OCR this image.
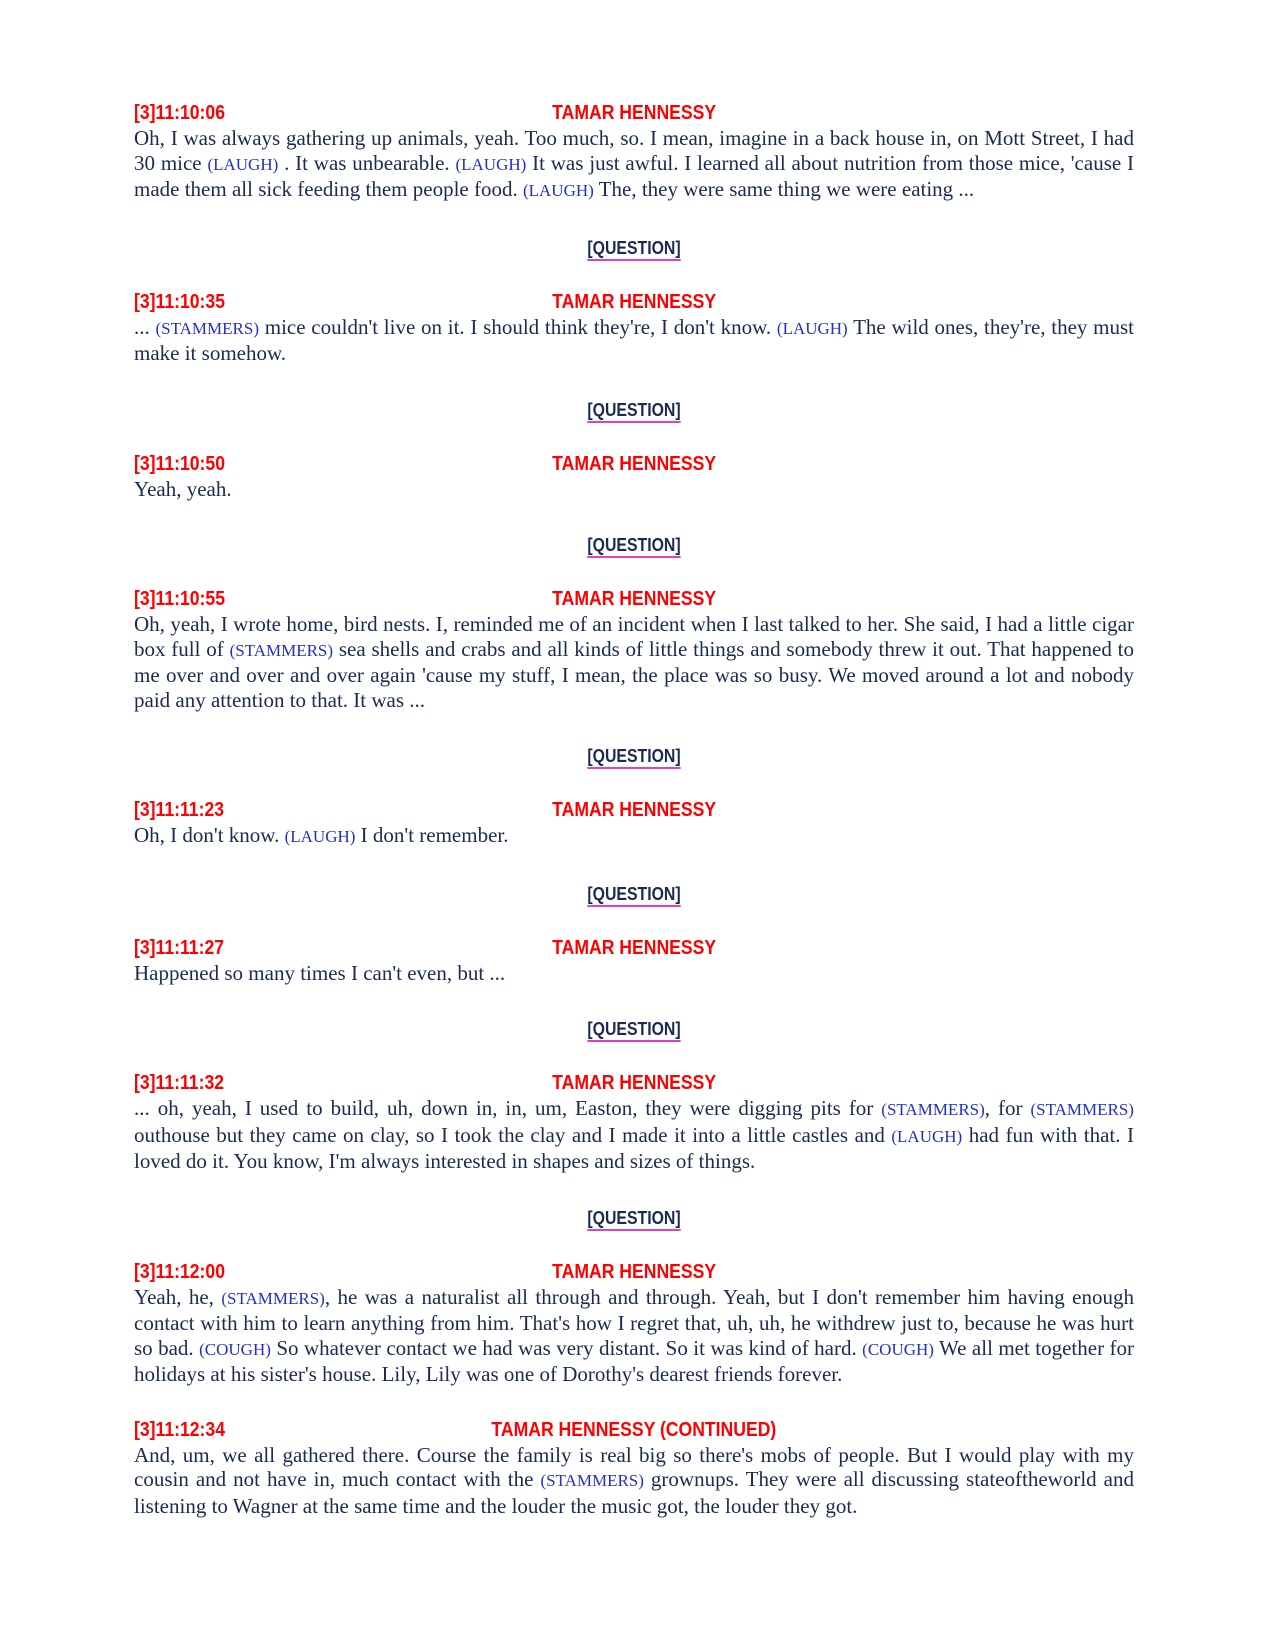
[3]11:10:06	TAMAR HENNESSY
Oh, I was always gathering up animals, yeah. Too much, so. I mean, imagine in a back house in, on Mott Street, I had 30 mice (LAUGH) . It was unbearable. (LAUGH) It was just awful. I learned all about nutrition from those mice, 'cause I made them all sick feeding them people food. (LAUGH) The, they were same thing we were eating ...
[QUESTION]
[3]11:10:35	TAMAR HENNESSY
... (STAMMERS) mice couldn't live on it. I should think they're, I don't know. (LAUGH) The wild ones, they're, they must make it somehow.
[QUESTION]
[3]11:10:50	TAMAR HENNESSY
Yeah, yeah.
[QUESTION]
[3]11:10:55	TAMAR HENNESSY
Oh, yeah, I wrote home, bird nests. I, reminded me of an incident when I last talked to her. She said, I had a little cigar box full of (STAMMERS) sea shells and crabs and all kinds of little things and somebody threw it out. That happened to me over and over and over again 'cause my stuff, I mean, the place was so busy. We moved around a lot and nobody paid any attention to that. It was ...
[QUESTION]
[3]11:11:23	TAMAR HENNESSY
Oh, I don't know. (LAUGH) I don't remember.
[QUESTION]
[3]11:11:27	TAMAR HENNESSY
Happened so many times I can't even, but ...
[QUESTION]
[3]11:11:32	TAMAR HENNESSY
... oh, yeah, I used to build, uh, down in, in, um, Easton, they were digging pits for (STAMMERS), for (STAMMERS) outhouse but they came on clay, so I took the clay and I made it into a little castles and (LAUGH) had fun with that. I loved do it. You know, I'm always interested in shapes and sizes of things.
[QUESTION]
[3]11:12:00	TAMAR HENNESSY
Yeah, he, (STAMMERS), he was a naturalist all through and through. Yeah, but I don't remember him having enough contact with him to learn anything from him. That's how I regret that, uh, uh, he withdrew just to, because he was hurt so bad. (COUGH) So whatever contact we had was very distant. So it was kind of hard. (COUGH) We all met together for holidays at his sister's house. Lily, Lily was one of Dorothy's dearest friends forever.
[3]11:12:34	TAMAR HENNESSY (CONTINUED)
And, um, we all gathered there. Course the family is real big so there's mobs of people. But I would play with my cousin and not have in, much contact with the (STAMMERS) grownups. They were all discussing stateoftheworld and listening to Wagner at the same time and the louder the music got, the louder they got.
